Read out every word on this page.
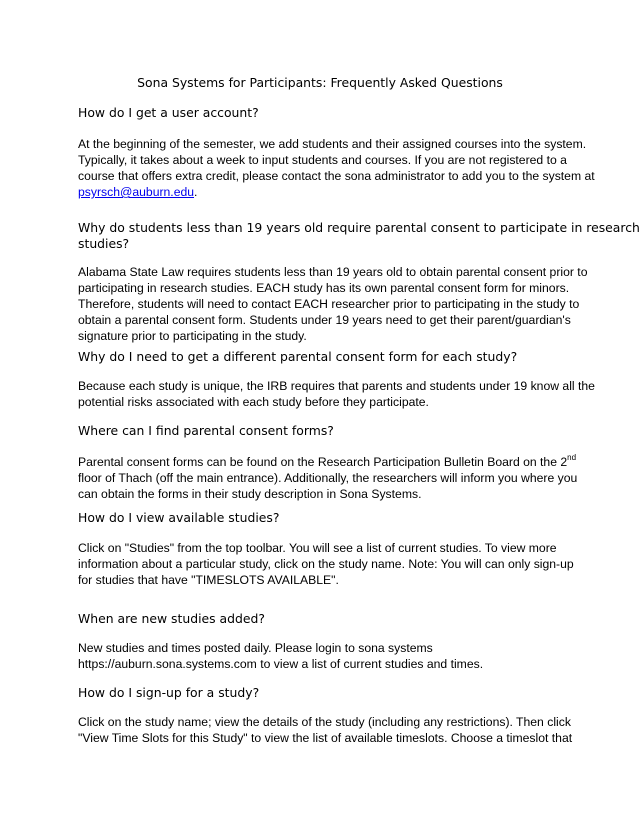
Sona Systems for Participants: Frequently Asked Questions
How do I get a user account?
At the beginning of the semester, we add students and their assigned courses into the system.
Typically, it takes about a week to input students and courses. If you are not registered to a
course that offers extra credit, please contact the sona administrator to add you to the system at
psyrsch@auburn.edu.
Why do students less than 19 years old require parental consent to participate in research
studies?
Alabama State Law requires students less than 19 years old to obtain parental consent prior to
participating in research studies. EACH study has its own parental consent form for minors.
Therefore, students will need to contact EACH researcher prior to participating in the study to
obtain a parental consent form. Students under 19 years need to get their parent/guardian's
signature prior to participating in the study.
Why do I need to get a different parental consent form for each study?
Because each study is unique, the IRB requires that parents and students under 19 know all the
potential risks associated with each study before they participate.
Where can I find parental consent forms?
Parental consent forms can be found on the Research Participation Bulletin Board on the 2nd
floor of Thach (off the main entrance). Additionally, the researchers will inform you where you
can obtain the forms in their study description in Sona Systems.
How do I view available studies?
Click on "Studies" from the top toolbar. You will see a list of current studies. To view more
information about a particular study, click on the study name. Note: You will can only sign-up
for studies that have "TIMESLOTS AVAILABLE".
When are new studies added?
New studies and times posted daily. Please login to sona systems
https://auburn.sona.systems.com to view a list of current studies and times.
How do I sign-up for a study?
Click on the study name; view the details of the study (including any restrictions). Then click
"View Time Slots for this Study" to view the list of available timeslots. Choose a timeslot that
